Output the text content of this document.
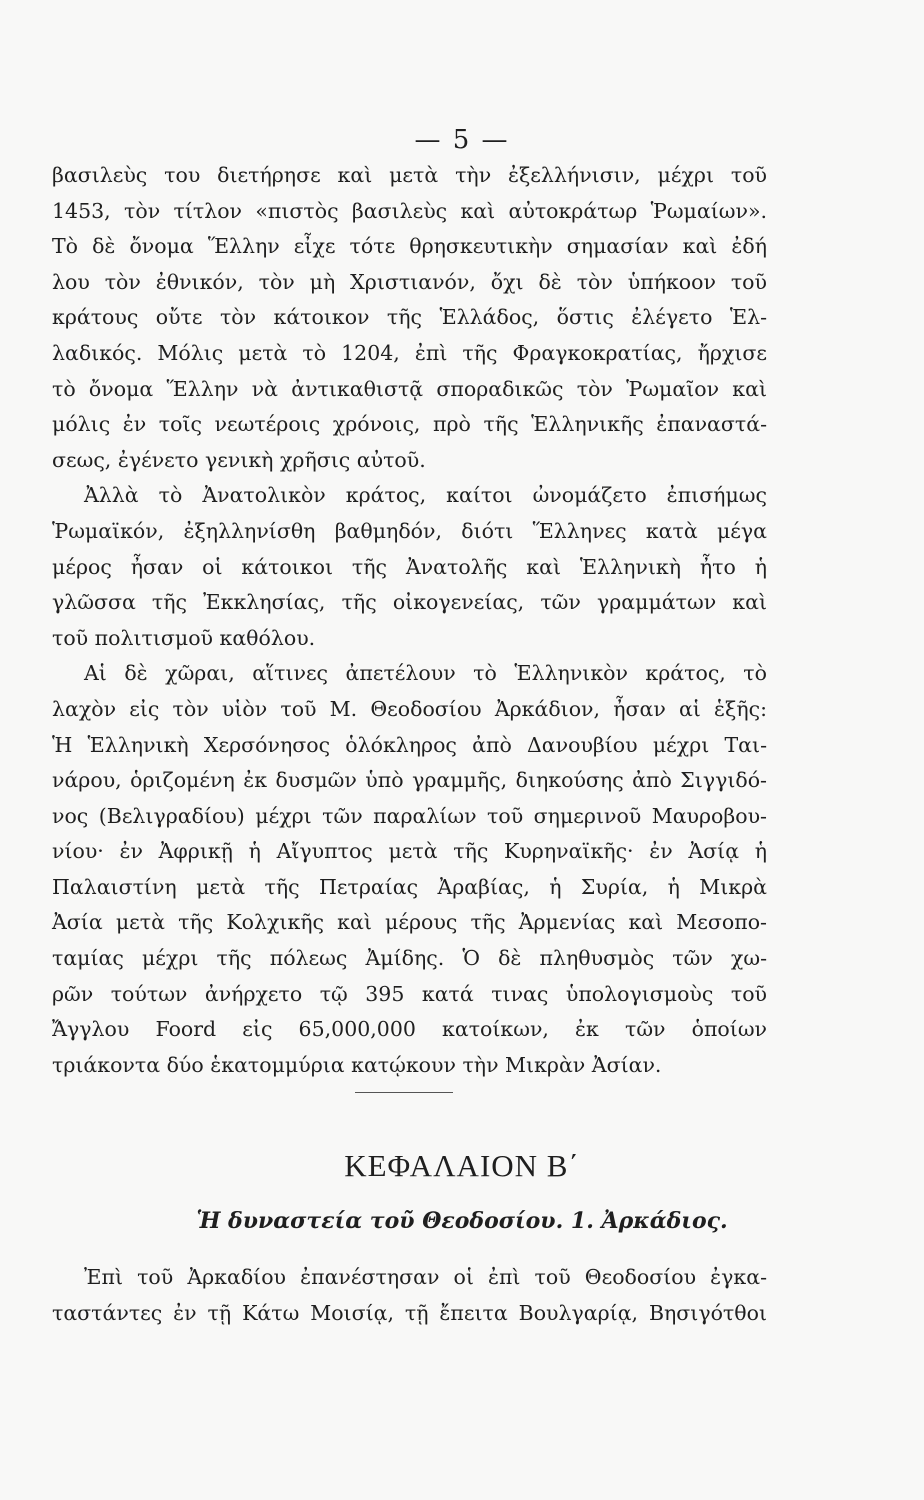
— 5 —
βασιλεὺς του διετήρησε καὶ μετὰ τὴν ἐξελλήνισιν, μέχρι τοῦ
1453, τὸν τίτλον «πιστὸς βασιλεὺς καὶ αὐτοκράτωρ Ῥωμαίων».
Τὸ δὲ ὄνομα Ἕλλην εἶχε τότε θρησκευτικὴν σημασίαν καὶ ἐδή
λου τὸν ἐθνικόν, τὸν μὴ Χριστιανόν, ὄχι δὲ τὸν ὑπήκοον τοῦ
κράτους οὔτε τὸν κάτοικον τῆς Ἑλλάδος, ὅστις ἐλέγετο Ἑλ-
λαδικός. Μόλις μετὰ τὸ 1204, ἐπὶ τῆς Φραγκοκρατίας, ἤρχισε
τὸ ὄνομα Ἕλλην νὰ ἀντικαθιστᾷ σποραδικῶς τὸν Ῥωμαῖον καὶ
μόλις ἐν τοῖς νεωτέροις χρόνοις, πρὸ τῆς Ἑλληνικῆς ἐπαναστά-
σεως, ἐγένετο γενικὴ χρῆσις αὐτοῦ.
Ἀλλὰ τὸ Ἀνατολικὸν κράτος, καίτοι ὠνομάζετο ἐπισήμως
Ῥωμαϊκόν, ἐξηλληνίσθη βαθμηδόν, διότι Ἕλληνες κατὰ μέγα
μέρος ἦσαν οἱ κάτοικοι τῆς Ἀνατολῆς καὶ Ἑλληνικὴ ἦτο ἡ
γλῶσσα τῆς Ἐκκλησίας, τῆς οἰκογενείας, τῶν γραμμάτων καὶ
τοῦ πολιτισμοῦ καθόλου.
Αἱ δὲ χῶραι, αἵτινες ἀπετέλουν τὸ Ἑλληνικὸν κράτος, τὸ
λαχὸν εἰς τὸν υἱὸν τοῦ Μ. Θεοδοσίου Ἀρκάδιον, ἦσαν αἱ ἑξῆς:
Ἡ Ἑλληνικὴ Χερσόνησος ὁλόκληρος ἀπὸ Δανουβίου μέχρι Ται-
νάρου, ὁριζομένη ἐκ δυσμῶν ὑπὸ γραμμῆς, διηκούσης ἀπὸ Σιγγιδό-
νος (Βελιγραδίου) μέχρι τῶν παραλίων τοῦ σημερινοῦ Μαυροβου-
νίου· ἐν Ἀφρικῇ ἡ Αἴγυπτος μετὰ τῆς Κυρηναϊκῆς· ἐν Ἀσίᾳ ἡ
Παλαιστίνη μετὰ τῆς Πετραίας Ἀραβίας, ἡ Συρία, ἡ Μικρὰ
Ἀσία μετὰ τῆς Κολχικῆς καὶ μέρους τῆς Ἀρμενίας καὶ Μεσοπο-
ταμίας μέχρι τῆς πόλεως Ἀμίδης. Ὁ δὲ πληθυσμὸς τῶν χω-
ρῶν τούτων ἀνήρχετο τῷ 395 κατά τινας ὑπολογισμοὺς τοῦ
Ἄγγλου Foord εἰς 65,000,000 κατοίκων, ἐκ τῶν ὁποίων
τριάκοντα δύο ἑκατομμύρια κατῴκουν τὴν Μικρὰν Ἀσίαν.
ΚΕΦΑΛΑΙΟΝ Β΄
Ἡ δυναστεία τοῦ Θεοδοσίου. 1. Ἀρκάδιος.
Ἐπὶ τοῦ Ἀρκαδίου ἐπανέστησαν οἱ ἐπὶ τοῦ Θεοδοσίου ἐγκα-
ταστάντες ἐν τῇ Κάτω Μοισίᾳ, τῇ ἔπειτα Βουλγαρίᾳ, Βησιγότθοι
